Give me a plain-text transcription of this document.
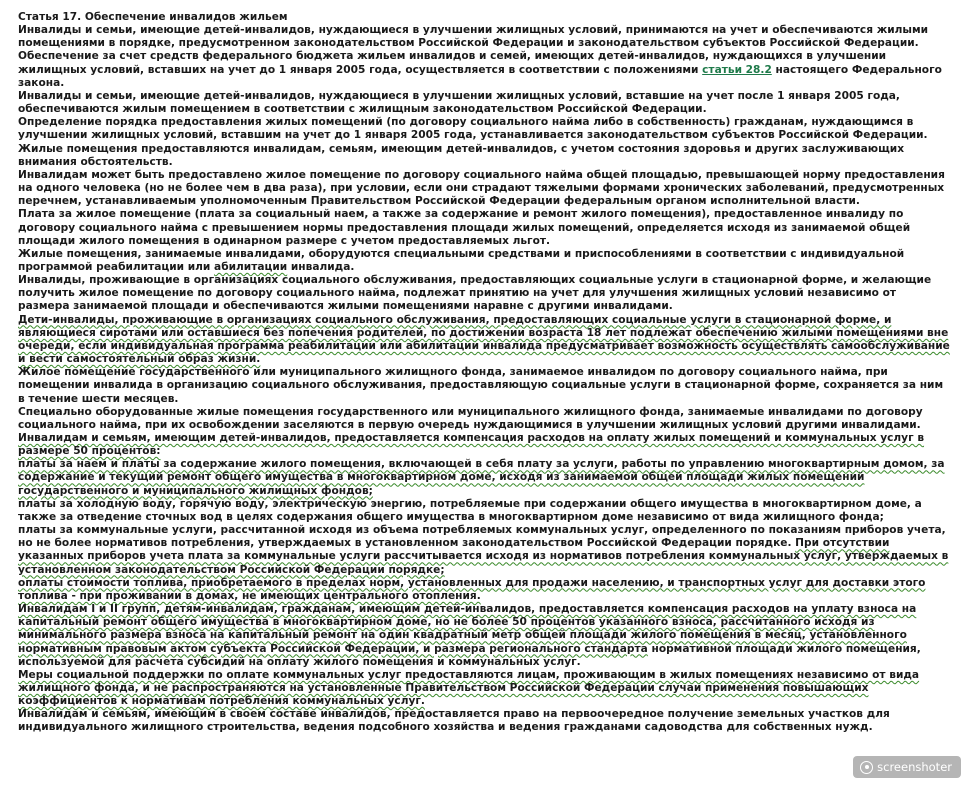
Статья 17. Обеспечение инвалидов жильем

Инвалиды и семьи, имеющие детей-инвалидов, нуждающиеся в улучшении жилищных условий, принимаются на учет и обеспечиваются жилыми помещениями в порядке, предусмотренном законодательством Российской Федерации и законодательством субъектов Российской Федерации.

Обеспечение за счет средств федерального бюджета жильем инвалидов и семей, имеющих детей-инвалидов, нуждающихся в улучшении жилищных условий, вставших на учет до 1 января 2005 года, осуществляется в соответствии с положениями статьи 28.2 настоящего Федерального закона.

Инвалиды и семьи, имеющие детей-инвалидов, нуждающиеся в улучшении жилищных условий, вставшие на учет после 1 января 2005 года, обеспечиваются жилым помещением в соответствии с жилищным законодательством Российской Федерации.

Определение порядка предоставления жилых помещений (по договору социального найма либо в собственность) гражданам, нуждающимся в улучшении жилищных условий, вставшим на учет до 1 января 2005 года, устанавливается законодательством субъектов Российской Федерации.

Жилые помещения предоставляются инвалидам, семьям, имеющим детей-инвалидов, с учетом состояния здоровья и других заслуживающих внимания обстоятельств.

Инвалидам может быть предоставлено жилое помещение по договору социального найма общей площадью, превышающей норму предоставления на одного человека (но не более чем в два раза), при условии, если они страдают тяжелыми формами хронических заболеваний, предусмотренных перечнем, устанавливаемым уполномоченным Правительством Российской Федерации федеральным органом исполнительной власти.

Плата за жилое помещение (плата за социальный наем, а также за содержание и ремонт жилого помещения), предоставленное инвалиду по договору социального найма с превышением нормы предоставления площади жилых помещений, определяется исходя из занимаемой общей площади жилого помещения в одинарном размере с учетом предоставляемых льгот.

Жилые помещения, занимаемые инвалидами, оборудуются специальными средствами и приспособлениями в соответствии с индивидуальной программой реабилитации или абилитации инвалида.

Инвалиды, проживающие в организациях социального обслуживания, предоставляющих социальные услуги в стационарной форме, и желающие получить жилое помещение по договору социального найма, подлежат принятию на учет для улучшения жилищных условий независимо от размера занимаемой площади и обеспечиваются жилыми помещениями наравне с другими инвалидами.

Дети-инвалиды, проживающие в организациях социального обслуживания, предоставляющих социальные услуги в стационарной форме, и являющиеся сиротами или оставшиеся без попечения родителей, по достижении возраста 18 лет подлежат обеспечению жилыми помещениями вне очереди, если индивидуальная программа реабилитации или абилитации инвалида предусматривает возможность осуществлять самообслуживание и вести самостоятельный образ жизни.

Жилое помещение государственного или муниципального жилищного фонда, занимаемое инвалидом по договору социального найма, при помещении инвалида в организацию социального обслуживания, предоставляющую социальные услуги в стационарной форме, сохраняется за ним в течение шести месяцев.

Специально оборудованные жилые помещения государственного или муниципального жилищного фонда, занимаемые инвалидами по договору социального найма, при их освобождении заселяются в первую очередь нуждающимися в улучшении жилищных условий другими инвалидами.

Инвалидам и семьям, имеющим детей-инвалидов, предоставляется компенсация расходов на оплату жилых помещений и коммунальных услуг в размере 50 процентов:

платы за наем и платы за содержание жилого помещения, включающей в себя плату за услуги, работы по управлению многоквартирным домом, за содержание и текущий ремонт общего имущества в многоквартирном доме, исходя из занимаемой общей площади жилых помещений государственного и муниципального жилищных фондов;

платы за холодную воду, горячую воду, электрическую энергию, потребляемые при содержании общего имущества в многоквартирном доме, а также за отведение сточных вод в целях содержания общего имущества в многоквартирном доме независимо от вида жилищного фонда;

платы за коммунальные услуги, рассчитанной исходя из объема потребляемых коммунальных услуг, определенного по показаниям приборов учета, но не более нормативов потребления, утверждаемых в установленном законодательством Российской Федерации порядке. При отсутствии указанных приборов учета плата за коммунальные услуги рассчитывается исходя из нормативов потребления коммунальных услуг, утверждаемых в установленном законодательством Российской Федерации порядке;

оплаты стоимости топлива, приобретаемого в пределах норм, установленных для продажи населению, и транспортных услуг для доставки этого топлива - при проживании в домах, не имеющих центрального отопления.

Инвалидам I и II групп, детям-инвалидам, гражданам, имеющим детей-инвалидов, предоставляется компенсация расходов на уплату взноса на капитальный ремонт общего имущества в многоквартирном доме, но не более 50 процентов указанного взноса, рассчитанного исходя из минимального размера взноса на капитальный ремонт на один квадратный метр общей площади жилого помещения в месяц, установленного нормативным правовым актом субъекта Российской Федерации, и размера регионального стандарта нормативной площади жилого помещения, используемой для расчета субсидий на оплату жилого помещения и коммунальных услуг.

Меры социальной поддержки по оплате коммунальных услуг предоставляются лицам, проживающим в жилых помещениях независимо от вида жилищного фонда, и не распространяются на установленные Правительством Российской Федерации случаи применения повышающих коэффициентов к нормативам потребления коммунальных услуг.

Инвалидам и семьям, имеющим в своем составе инвалидов, предоставляется право на первоочередное получение земельных участков для индивидуального жилищного строительства, ведения подсобного хозяйства и ведения гражданами садоводства для собственных нужд.

screenshoter
